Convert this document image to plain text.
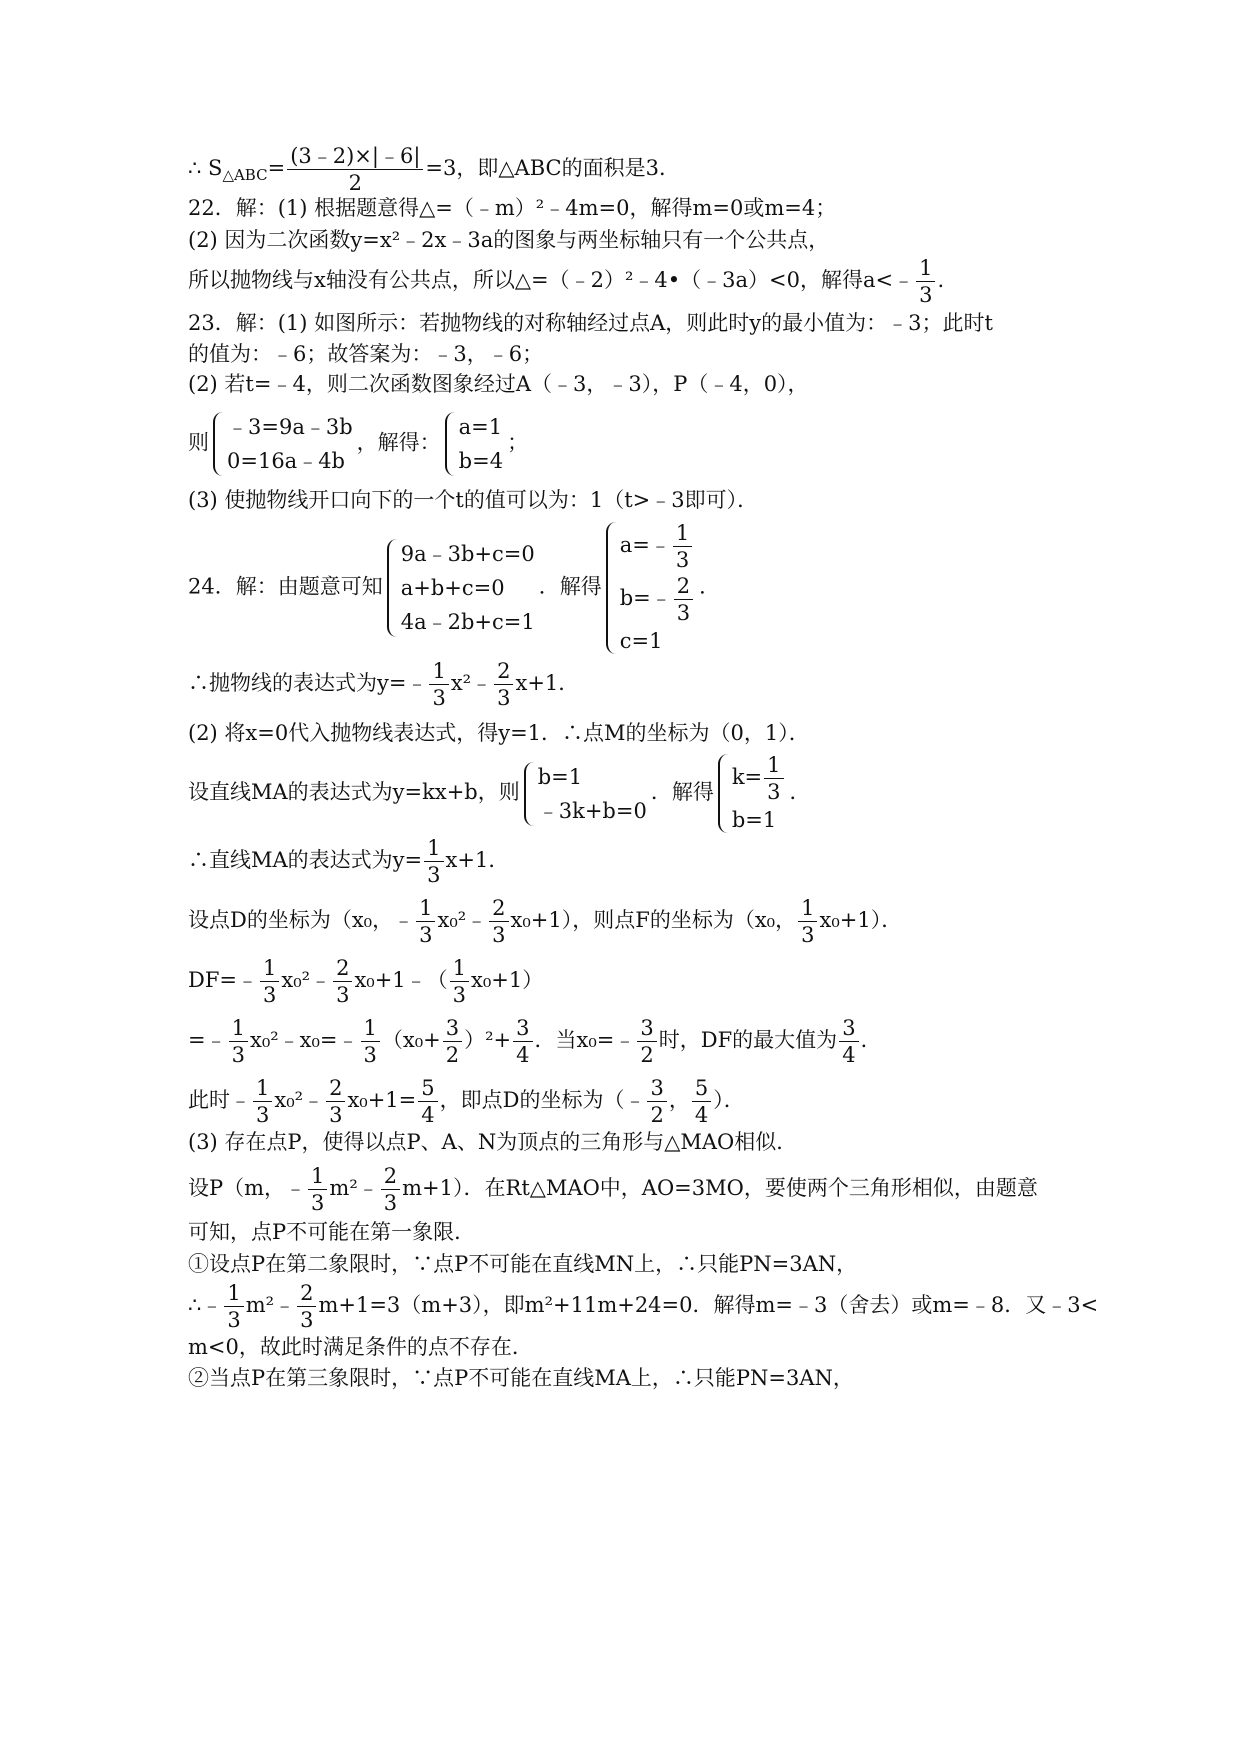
∴ $S_{\triangle ABC}= \frac{(3﹣2)\times|﹣6|}{2} =3$，即△ABC的面积是3．
22．解：(1) 根据题意得△=（﹣m）²﹣4m=0，解得m=0或m=4；
(2) 因为二次函数y=x²﹣2x﹣3a的图象与两坐标轴只有一个公共点，
所以抛物线与x轴没有公共点，所以△=（﹣2）²﹣4•（﹣3a）<0，解得a<﹣ $\frac{1}{3}$ .
23．解：(1) 如图所示：若抛物线的对称轴经过点A，则此时y的最小值为：﹣3；此时t
的值为：﹣6；故答案为：﹣3，﹣6；
(2) 若t=﹣4，则二次函数图象经过A（﹣3，﹣3），P（﹣4，0），
则
﹣3=9a﹣3b
0=16a﹣4b
，解得：
a=1
b=4
；
(3) 使抛物线开口向下的一个t的值可以为：1（t>﹣3即可）．
24．解：由题意可知
9a﹣3b+c=0
a+b+c=0
4a﹣2b+c=1
．解得
a=﹣ $\frac{1}{3}$
b=﹣ $\frac{2}{3}$
c=1
．
∴抛物线的表达式为y=﹣ $\frac{1}{3}$ x²﹣ $\frac{2}{3} x+1$．
(2) 将x=0代入抛物线表达式，得y=1．∴点M的坐标为（0，1）．
设直线MA的表达式为y=kx+b，则
b=1
﹣3k+b=0
．解得
$k= \frac{1}{3}$
b=1
．
∴直线MA的表达式为$y= \frac{1}{3} x+1$．
设点D的坐标为（x₀，﹣ $\frac{1}{3}$ x₀²﹣ $\frac{2}{3} x_0+1$），则点F的坐标为（x₀， $\frac{1}{3} x_0+1$）．
DF=﹣ $\frac{1}{3}$ x₀²﹣ $\frac{2}{3}$ x₀+1﹣（ $\frac{1}{3} x_0+1$）
=﹣ $\frac{1}{3}$ x₀²﹣x₀=﹣ $\frac{1}{3} (x_0+ \frac{3}{2} )^2+ \frac{3}{4}$ ．当x₀=﹣ $\frac{3}{2}$ 时，DF的最大值为 $\frac{3}{4}$ ．
此时﹣ $\frac{1}{3}$ x₀²﹣ $\frac{2}{3} x_0+1= \frac{5}{4}$ ，即点D的坐标为（﹣ $\frac{3}{2}$ ， $\frac{5}{4}$ ）．
(3) 存在点P，使得以点P、A、N为顶点的三角形与△MAO相似．
设P（m，﹣ $\frac{1}{3}$ m²﹣ $\frac{2}{3} m+1$）．在Rt△MAO中，AO=3MO，要使两个三角形相似，由题意
可知，点P不可能在第一象限．
①设点P在第二象限时，∵点P不可能在直线MN上，∴只能PN=3AN，
∴﹣ $\frac{1}{3}$ m²﹣ $\frac{2}{3} m+1=3(m+3)$，即m²+11m+24=0．解得m=﹣3（舍去）或m=﹣8．又﹣3<
m<0，故此时满足条件的点不存在．
②当点P在第三象限时，∵点P不可能在直线MA上，∴只能PN=3AN，
